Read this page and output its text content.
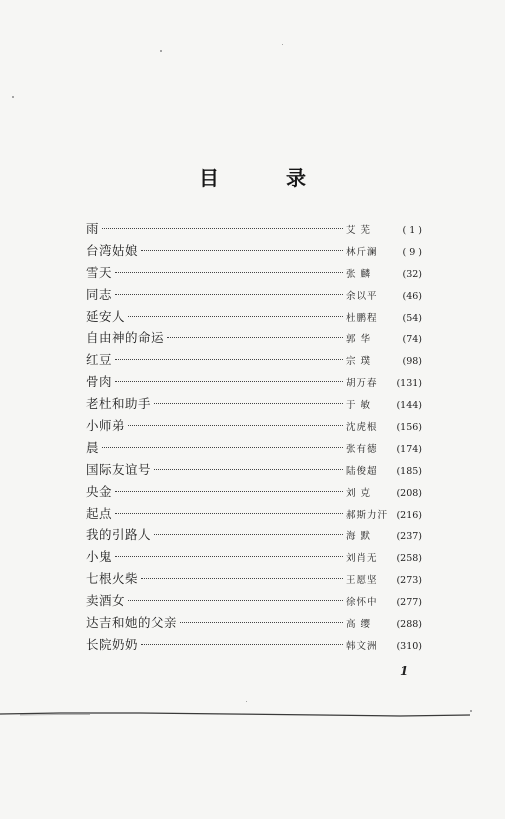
目 录
雨	艾 芜	( 1 )
台湾姑娘	林斤澜	( 9 )
雪天	张 麟	(32)
同志	余以平	(46)
延安人	杜鹏程	(54)
自由神的命运	郭 华	(74)
红豆	宗 璞	(98)
骨肉	胡万春	(131)
老杜和助手	于 敏	(144)
小师弟	沈虎根	(156)
晨	张有德	(174)
国际友谊号	陆俊超	(185)
央金	刘 克	(208)
起点	郝斯力汗 (216)
我的引路人	海 默	(237)
小鬼	刘肖无	(258)
七根火柴	王愿坚	(273)
卖酒女	徐怀中	(277)
达吉和她的父亲	高 缨	(288)
长院奶奶	韩文洲	(310)
1
